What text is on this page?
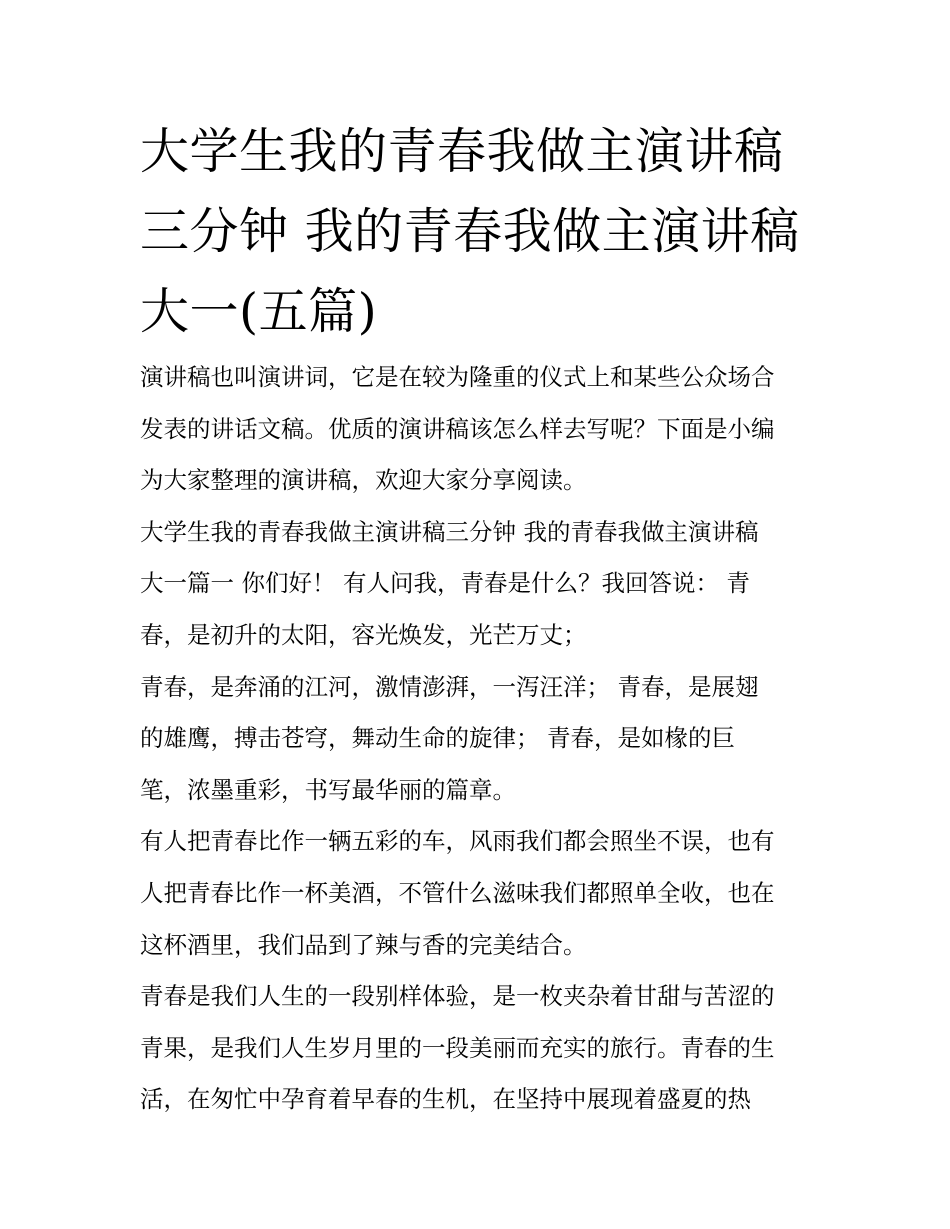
大学生我的青春我做主演讲稿
三分钟 我的青春我做主演讲稿
大一(五篇)

演讲稿也叫演讲词，它是在较为隆重的仪式上和某些公众场合
发表的讲话文稿。优质的演讲稿该怎么样去写呢？下面是小编
为大家整理的演讲稿，欢迎大家分享阅读。

大学生我的青春我做主演讲稿三分钟 我的青春我做主演讲稿
大一篇一 你们好！ 有人问我，青春是什么？我回答说： 青
春，是初升的太阳，容光焕发，光芒万丈；

青春，是奔涌的江河，激情澎湃，一泻汪洋； 青春，是展翅
的雄鹰，搏击苍穹，舞动生命的旋律； 青春，是如椽的巨
笔，浓墨重彩，书写最华丽的篇章。

有人把青春比作一辆五彩的车，风雨我们都会照坐不误，也有
人把青春比作一杯美酒，不管什么滋味我们都照单全收，也在
这杯酒里，我们品到了辣与香的完美结合。

青春是我们人生的一段别样体验，是一枚夹杂着甘甜与苦涩的
青果，是我们人生岁月里的一段美丽而充实的旅行。青春的生
活，在匆忙中孕育着早春的生机，在坚持中展现着盛夏的热
